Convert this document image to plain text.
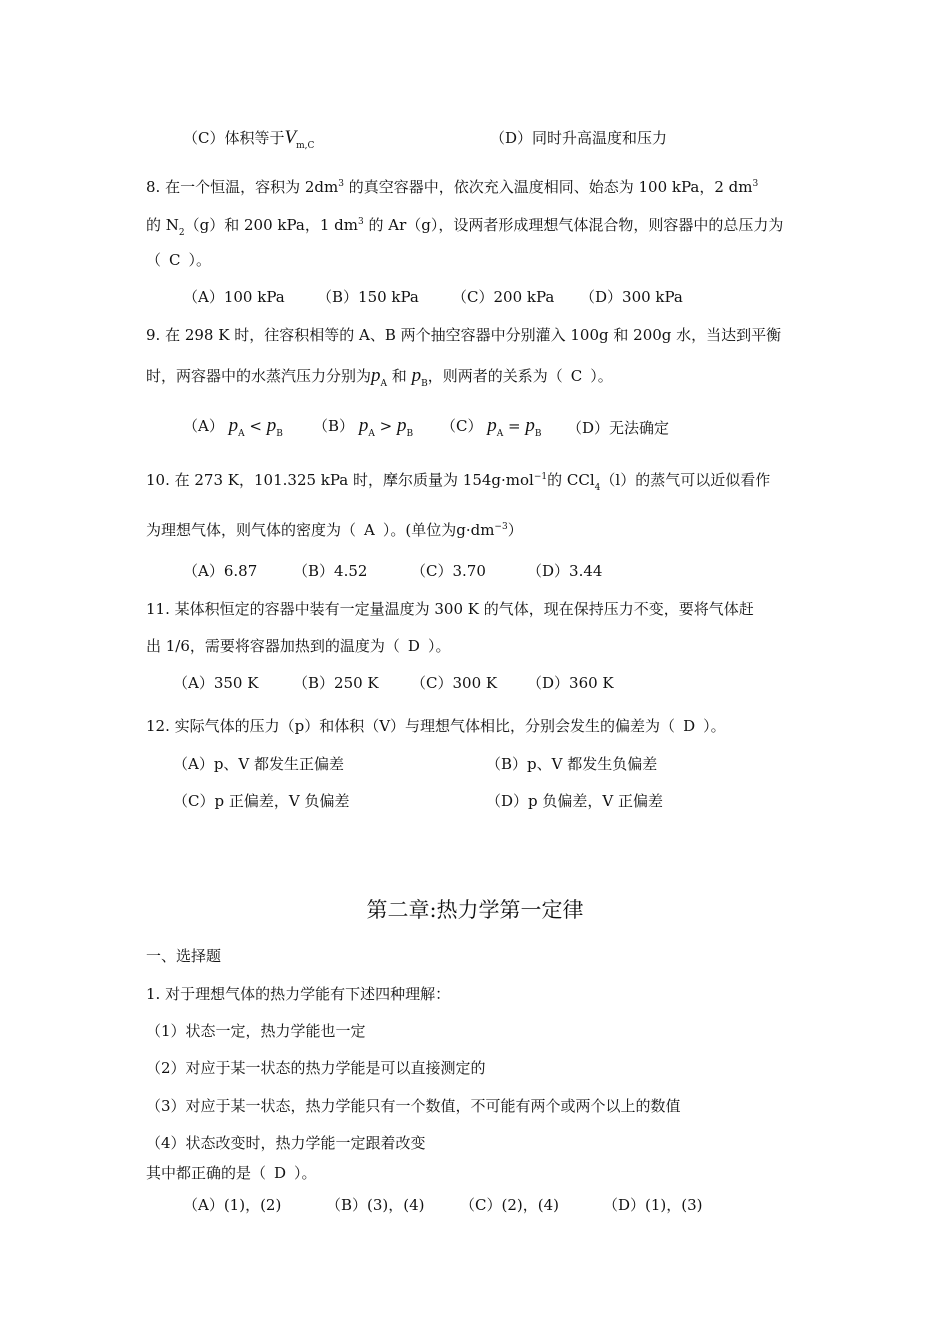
（C）体积等于$V_{m,C}$	（D）同时升高温度和压力
8. 在一个恒温，容积为 $2dm^3$ 的真空容器中，依次充入温度相同、始态为 100 kPa，2 $dm^3$
的 $N_2(g)$和 200 kPa，1 $dm^3$ 的 Ar（g），设两者形成理想气体混合物，则容器中的总压力为
（ C ）。
（A）100 kPa （B）150 kPa （C）200 kPa （D）300 kPa
9. 在 298 K 时，往容积相等的 A、B 两个抽空容器中分别灌入 100g 和 200g 水，当达到平衡
时，两容器中的水蒸汽压力分别为$p_A$ 和 $p_B$，则两者的关系为（ C ）。
（A） $p_A < p_B$ （B） $p_A > p_B$ （C） $p_A = p_B$ （D）无法确定
10. 在 273 K，101.325 kPa 时，摩尔质量为 154g·mol$^{-1}$的 CCl$_4$（l）的蒸气可以近似看作
为理想气体，则气体的密度为（ A ）。(单位为$g\cdot dm^{-3}$）
（A）6.87 （B）4.52	（C）3.70	（D）3.44
11. 某体积恒定的容器中装有一定量温度为 300 K 的气体，现在保持压力不变，要将气体赶
出 1/6，需要将容器加热到的温度为（ D ）。
（A）350 K （B）250 K （C）300 K （D）360 K
12. 实际气体的压力（p）和体积（V）与理想气体相比，分别会发生的偏差为（ D ）。
（A）p、V 都发生正偏差	（B）p、V 都发生负偏差
（C）p 正偏差，V 负偏差	（D）p 负偏差，V 正偏差
第二章:热力学第一定律
一、选择题
1. 对于理想气体的热力学能有下述四种理解：
（1）状态一定，热力学能也一定
（2）对应于某一状态的热力学能是可以直接测定的
（3）对应于某一状态，热力学能只有一个数值，不可能有两个或两个以上的数值
（4）状态改变时，热力学能一定跟着改变
其中都正确的是（ D ）。
（A）(1)，(2)	（B）(3)，(4) （C）(2)，(4)	（D）(1)，(3)
